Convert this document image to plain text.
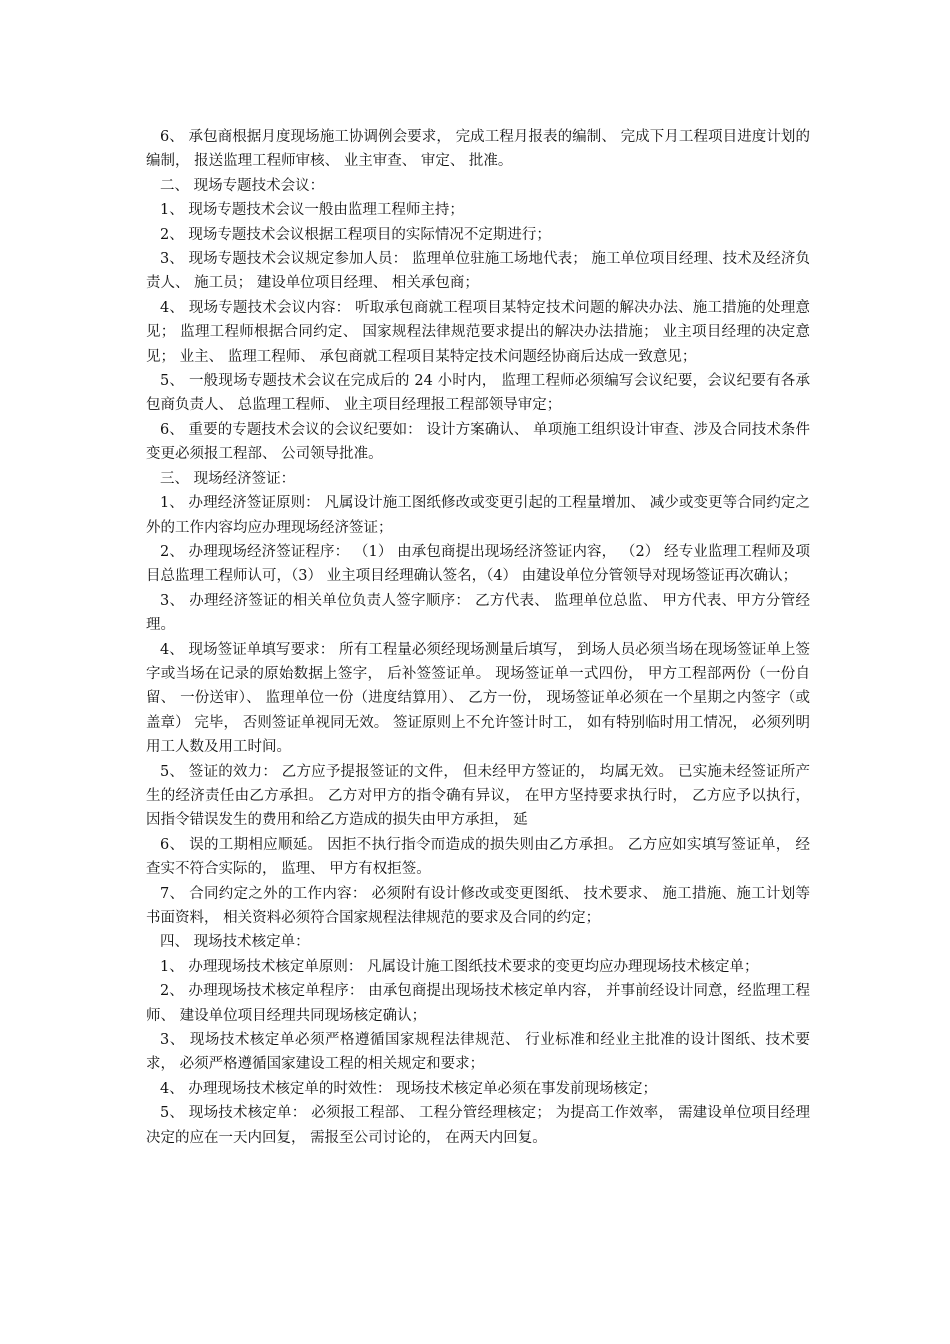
6、 承包商根据月度现场施工协调例会要求， 完成工程月报表的编制、 完成下月工程项目进度计划的编制， 报送监理工程师审核、 业主审查、 审定、 批准。

二、 现场专题技术会议：

1、 现场专题技术会议一般由监理工程师主持；

2、 现场专题技术会议根据工程项目的实际情况不定期进行；

3、 现场专题技术会议规定参加人员： 监理单位驻施工场地代表； 施工单位项目经理、技术及经济负责人、 施工员； 建设单位项目经理、 相关承包商；

4、 现场专题技术会议内容： 听取承包商就工程项目某特定技术问题的解决办法、施工措施的处理意见； 监理工程师根据合同约定、 国家规程法律规范要求提出的解决办法措施； 业主项目经理的决定意见； 业主、 监理工程师、 承包商就工程项目某特定技术问题经协商后达成一致意见；

5、 一般现场专题技术会议在完成后的 24 小时内， 监理工程师必须编写会议纪要，会议纪要有各承包商负责人、 总监理工程师、 业主项目经理报工程部领导审定；

6、 重要的专题技术会议的会议纪要如： 设计方案确认、 单项施工组织设计审查、涉及合同技术条件变更必须报工程部、 公司领导批准。

三、 现场经济签证：

1、 办理经济签证原则： 凡属设计施工图纸修改或变更引起的工程量增加、 减少或变更等合同约定之外的工作内容均应办理现场经济签证；

2、 办理现场经济签证程序： （1） 由承包商提出现场经济签证内容， （2） 经专业监理工程师及项目总监理工程师认可，（3） 业主项目经理确认签名，（4） 由建设单位分管领导对现场签证再次确认；

3、 办理经济签证的相关单位负责人签字顺序： 乙方代表、 监理单位总监、 甲方代表、甲方分管经理。

4、 现场签证单填写要求： 所有工程量必须经现场测量后填写， 到场人员必须当场在现场签证单上签字或当场在记录的原始数据上签字， 后补签签证单。 现场签证单一式四份， 甲方工程部两份（一份自留、 一份送审）、 监理单位一份（进度结算用）、 乙方一份， 现场签证单必须在一个星期之内签字（或盖章） 完毕， 否则签证单视同无效。 签证原则上不允许签计时工， 如有特别临时用工情况， 必须列明用工人数及用工时间。

5、 签证的效力： 乙方应予提报签证的文件， 但未经甲方签证的， 均属无效。 已实施未经签证所产生的经济责任由乙方承担。 乙方对甲方的指令确有异议， 在甲方坚持要求执行时， 乙方应予以执行， 因指令错误发生的费用和给乙方造成的损失由甲方承担， 延

6、 误的工期相应顺延。 因拒不执行指令而造成的损失则由乙方承担。 乙方应如实填写签证单， 经查实不符合实际的， 监理、 甲方有权拒签。

7、 合同约定之外的工作内容： 必须附有设计修改或变更图纸、 技术要求、 施工措施、施工计划等书面资料， 相关资料必须符合国家规程法律规范的要求及合同的约定；

四、 现场技术核定单：

1、 办理现场技术核定单原则： 凡属设计施工图纸技术要求的变更均应办理现场技术核定单；

2、 办理现场技术核定单程序： 由承包商提出现场技术核定单内容， 并事前经设计同意，经监理工程师、 建设单位项目经理共同现场核定确认；

3、 现场技术核定单必须严格遵循国家规程法律规范、 行业标准和经业主批准的设计图纸、技术要求， 必须严格遵循国家建设工程的相关规定和要求；

4、 办理现场技术核定单的时效性： 现场技术核定单必须在事发前现场核定；

5、 现场技术核定单： 必须报工程部、 工程分管经理核定； 为提高工作效率， 需建设单位项目经理决定的应在一天内回复， 需报至公司讨论的， 在两天内回复。
